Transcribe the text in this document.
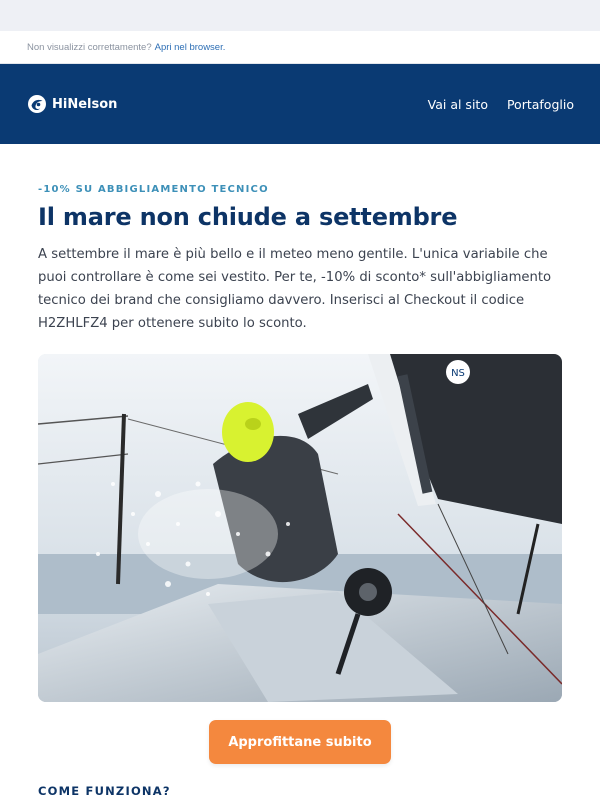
Non visualizzi correttamente? Apri nel browser.
HiNelson	Vai al sito Portafoglio
-10% SU ABBIGLIAMENTO TECNICO
Il mare non chiude a settembre

A settembre il mare è più bello e il meteo meno gentile. L'unica variabile che puoi controllare è come sei vestito. Per te, -10% di sconto* sull'abbigliamento tecnico dei brand che consigliamo davvero. Inserisci al Checkout il codice H2ZHLFZ4 per ottenere subito lo sconto.

NS
Approfittane subito
COME FUNZIONA?
